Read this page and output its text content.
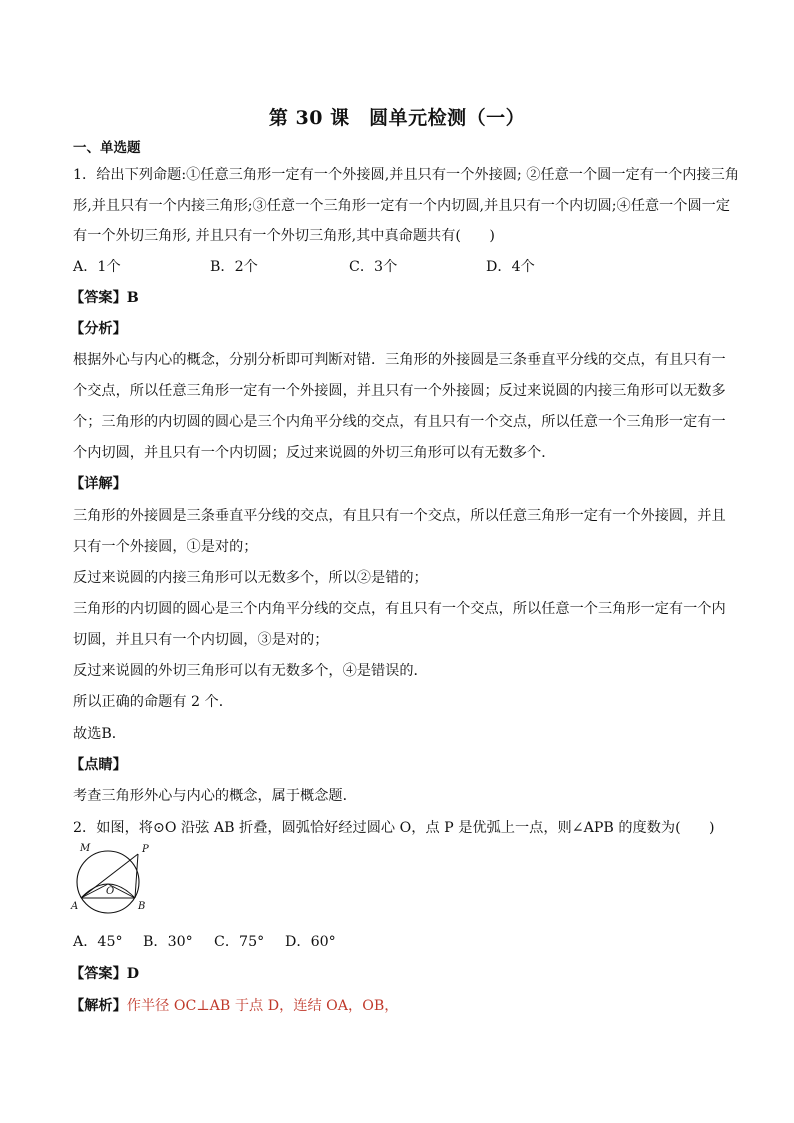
第 30 课　圆单元检测（一）
一、单选题
1．给出下列命题:①任意三角形一定有一个外接圆,并且只有一个外接圆; ②任意一个圆一定有一个内接三角
形,并且只有一个内接三角形;③任意一个三角形一定有一个内切圆,并且只有一个内切圆;④任意一个圆一定
有一个外切三角形, 并且只有一个外切三角形,其中真命题共有(　　)
A．1个	B．2个	C．3个	D．4个
【答案】B
【分析】
根据外心与内心的概念，分别分析即可判断对错．三角形的外接圆是三条垂直平分线的交点，有且只有一
个交点，所以任意三角形一定有一个外接圆，并且只有一个外接圆；反过来说圆的内接三角形可以无数多
个；三角形的内切圆的圆心是三个内角平分线的交点，有且只有一个交点，所以任意一个三角形一定有一
个内切圆，并且只有一个内切圆；反过来说圆的外切三角形可以有无数多个．
【详解】
三角形的外接圆是三条垂直平分线的交点，有且只有一个交点，所以任意三角形一定有一个外接圆，并且
只有一个外接圆，①是对的；
反过来说圆的内接三角形可以无数多个，所以②是错的；
三角形的内切圆的圆心是三个内角平分线的交点，有且只有一个交点，所以任意一个三角形一定有一个内
切圆，并且只有一个内切圆，③是对的；
反过来说圆的外切三角形可以有无数多个，④是错误的．
所以正确的命题有 2 个．
故选B．
【点睛】
考查三角形外心与内心的概念，属于概念题．
2．如图，将⊙O 沿弦 AB 折叠，圆弧恰好经过圆心 O，点 P 是优弧上一点，则∠APB 的度数为(　　)
M	P
O
A	B
A．45° B．30° C．75° D．60°
【答案】D
【解析】作半径 OC⊥AB 于点 D，连结 OA，OB，
